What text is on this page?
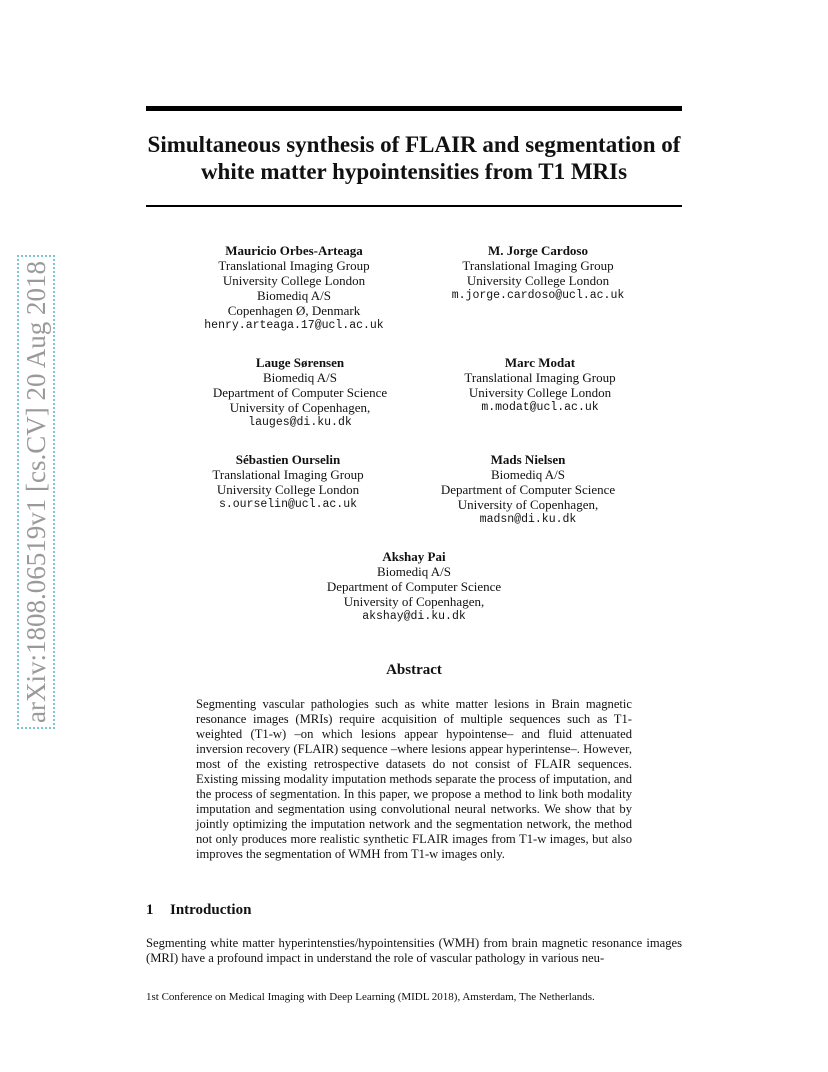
Simultaneous synthesis of FLAIR and segmentation of white matter hypointensities from T1 MRIs
arXiv:1808.06519v1 [cs.CV] 20 Aug 2018
Mauricio Orbes-Arteaga
Translational Imaging Group
University College London
Biomediq A/S
Copenhagen Ø, Denmark
henry.arteaga.17@ucl.ac.uk
M. Jorge Cardoso
Translational Imaging Group
University College London
m.jorge.cardoso@ucl.ac.uk
Lauge Sørensen
Biomediq A/S
Department of Computer Science
University of Copenhagen,
lauges@di.ku.dk
Marc Modat
Translational Imaging Group
University College London
m.modat@ucl.ac.uk
Sébastien Ourselin
Translational Imaging Group
University College London
s.ourselin@ucl.ac.uk
Mads Nielsen
Biomediq A/S
Department of Computer Science
University of Copenhagen,
madsn@di.ku.dk
Akshay Pai
Biomediq A/S
Department of Computer Science
University of Copenhagen,
akshay@di.ku.dk
Abstract
Segmenting vascular pathologies such as white matter lesions in Brain magnetic resonance images (MRIs) require acquisition of multiple sequences such as T1-weighted (T1-w) –on which lesions appear hypointense– and fluid attenuated inversion recovery (FLAIR) sequence –where lesions appear hyperintense–. However, most of the existing retrospective datasets do not consist of FLAIR sequences. Existing missing modality imputation methods separate the process of imputation, and the process of segmentation. In this paper, we propose a method to link both modality imputation and segmentation using convolutional neural networks. We show that by jointly optimizing the imputation network and the segmentation network, the method not only produces more realistic synthetic FLAIR images from T1-w images, but also improves the segmentation of WMH from T1-w images only.
1 Introduction
Segmenting white matter hyperintensties/hypointensities (WMH) from brain magnetic resonance images (MRI) have a profound impact in understand the role of vascular pathology in various neu-
1st Conference on Medical Imaging with Deep Learning (MIDL 2018), Amsterdam, The Netherlands.
